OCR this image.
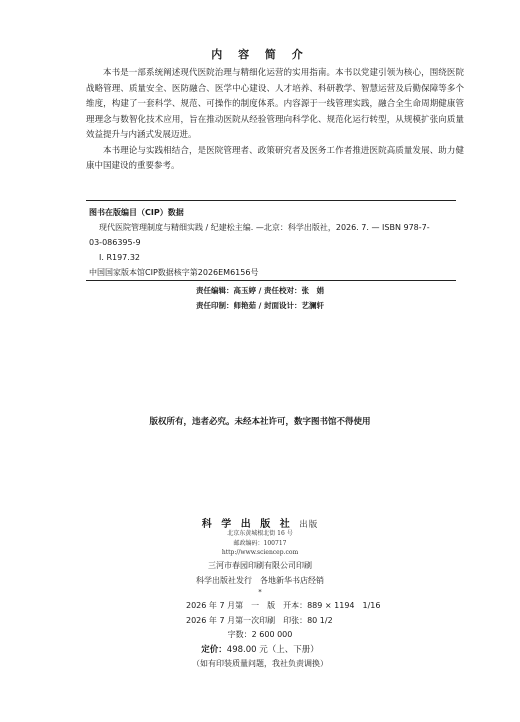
内 容 简 介

本书是一部系统阐述现代医院治理与精细化运营的实用指南。本书以党建引领为核心，围绕医院战略管理、质量安全、医防融合、医学中心建设、人才培养、科研教学、智慧运营及后勤保障等多个维度，构建了一套科学、规范、可操作的制度体系。内容源于一线管理实践，融合全生命周期健康管理理念与数智化技术应用，旨在推动医院从经验管理向科学化、规范化运行转型，从规模扩张向质量效益提升与内涵式发展迈进。

本书理论与实践相结合，是医院管理者、政策研究者及医务工作者推进医院高质量发展、助力健康中国建设的重要参考。

图书在版编目（CIP）数据
现代医院管理制度与精细实践 / 纪建松主编. —北京：科学出版社，2026. 7. — ISBN 978-7-
03-086395-9
Ⅰ. R197.32
中国国家版本馆CIP数据核字第2026EM6156号
责任编辑：高玉婷 / 责任校对：张　娟
责任印制：师艳茹 / 封面设计：艺澜轩
版权所有，违者必究。未经本社许可，数字图书馆不得使用
科 学 出 版 社 出版
北京东黄城根北街 16 号
邮政编码：100717
http://www.sciencep.com
三河市春园印刷有限公司印刷
科学出版社发行　各地新华书店经销
*
2026 年 7 月第　一　版　开本：889 × 1194　1/16
2026 年 7 月第一次印刷　印张：80 1/2
字数：2 600 000
定价：498.00 元（上、下册）
（如有印装质量问题，我社负责调换）
